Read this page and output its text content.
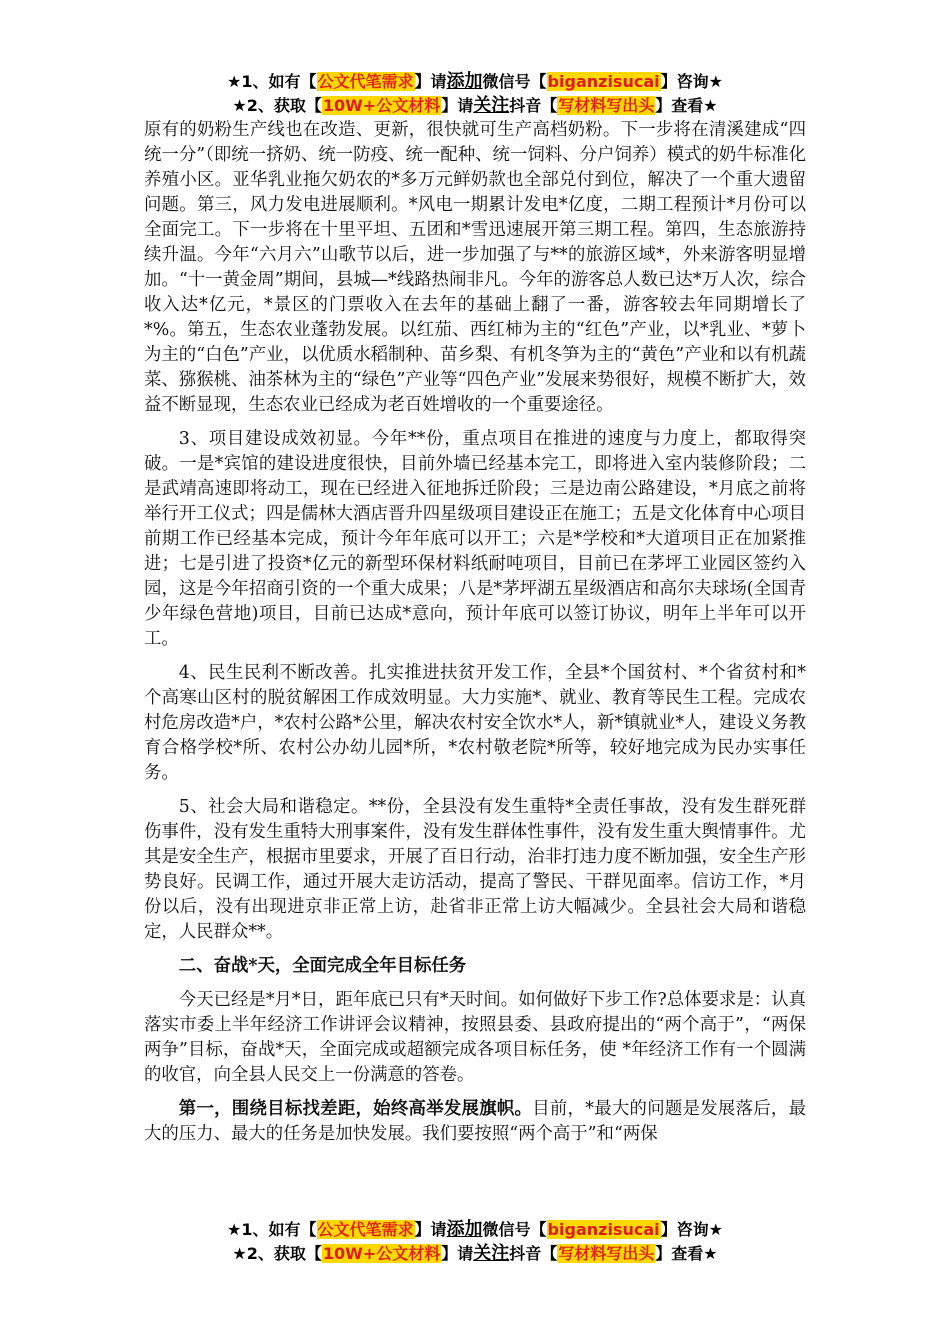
★1、如有【公文代笔需求】请添加微信号【biganzisucai】咨询★
★2、获取【10W+公文材料】请关注抖音【写材料写出头】查看★

原有的奶粉生产线也在改造、更新，很快就可生产高档奶粉。下一步将在清溪建成“四统一分”（即统一挤奶、统一防疫、统一配种、统一饲料、分户饲养）模式的奶牛标准化养殖小区。亚华乳业拖欠奶农的*多万元鲜奶款也全部兑付到位，解决了一个重大遗留问题。第三，风力发电进展顺利。*风电一期累计发电*亿度，二期工程预计*月份可以全面完工。下一步将在十里平坦、五团和*雪迅速展开第三期工程。第四，生态旅游持续升温。今年“六月六”山歌节以后，进一步加强了与**的旅游区域*，外来游客明显增加。“十一黄金周”期间，县城—*线路热闹非凡。今年的游客总人数已达*万人次，综合收入达*亿元，*景区的门票收入在去年的基础上翻了一番，游客较去年同期增长了*%。第五，生态农业蓬勃发展。以红茄、西红柿为主的“红色”产业，以*乳业、*萝卜为主的“白色”产业，以优质水稻制种、苗乡梨、有机冬笋为主的“黄色”产业和以有机蔬菜、猕猴桃、油茶林为主的“绿色”产业等“四色产业”发展来势很好，规模不断扩大，效益不断显现，生态农业已经成为老百姓增收的一个重要途径。

3、项目建设成效初显。今年**份，重点项目在推进的速度与力度上，都取得突破。一是*宾馆的建设进度很快，目前外墙已经基本完工，即将进入室内装修阶段；二是武靖高速即将动工，现在已经进入征地拆迁阶段；三是边南公路建设，*月底之前将举行开工仪式；四是儒林大酒店晋升四星级项目建设正在施工；五是文化体育中心项目前期工作已经基本完成，预计今年年底可以开工；六是*学校和*大道项目正在加紧推进；七是引进了投资*亿元的新型环保材料纸耐吨项目，目前已在茅坪工业园区签约入园，这是今年招商引资的一个重大成果；八是*茅坪湖五星级酒店和高尔夫球场(全国青少年绿色营地)项目，目前已达成*意向，预计年底可以签订协议，明年上半年可以开工。

4、民生民利不断改善。扎实推进扶贫开发工作，全县*个国贫村、*个省贫村和*个高寒山区村的脱贫解困工作成效明显。大力实施*、就业、教育等民生工程。完成农村危房改造*户，*农村公路*公里，解决农村安全饮水*人，新*镇就业*人，建设义务教育合格学校*所、农村公办幼儿园*所，*农村敬老院*所等，较好地完成为民办实事任务。

5、社会大局和谐稳定。**份，全县没有发生重特*全责任事故，没有发生群死群伤事件，没有发生重特大刑事案件，没有发生群体性事件，没有发生重大舆情事件。尤其是安全生产，根据市里要求，开展了百日行动，治非打违力度不断加强，安全生产形势良好。民调工作，通过开展大走访活动，提高了警民、干群见面率。信访工作，*月份以后，没有出现进京非正常上访，赴省非正常上访大幅减少。全县社会大局和谐稳定，人民群众**。

二、奋战*天，全面完成全年目标任务

今天已经是*月*日，距年底已只有*天时间。如何做好下步工作?总体要求是：认真落实市委上半年经济工作讲评会议精神，按照县委、县政府提出的“两个高于”，“两保两争”目标，奋战*天，全面完成或超额完成各项目标任务，使 *年经济工作有一个圆满的收官，向全县人民交上一份满意的答卷。

第一，围绕目标找差距，始终高举发展旗帜。目前，*最大的问题是发展落后，最大的压力、最大的任务是加快发展。我们要按照“两个高于”和“两保

★1、如有【公文代笔需求】请添加微信号【biganzisucai】咨询★
★2、获取【10W+公文材料】请关注抖音【写材料写出头】查看★
